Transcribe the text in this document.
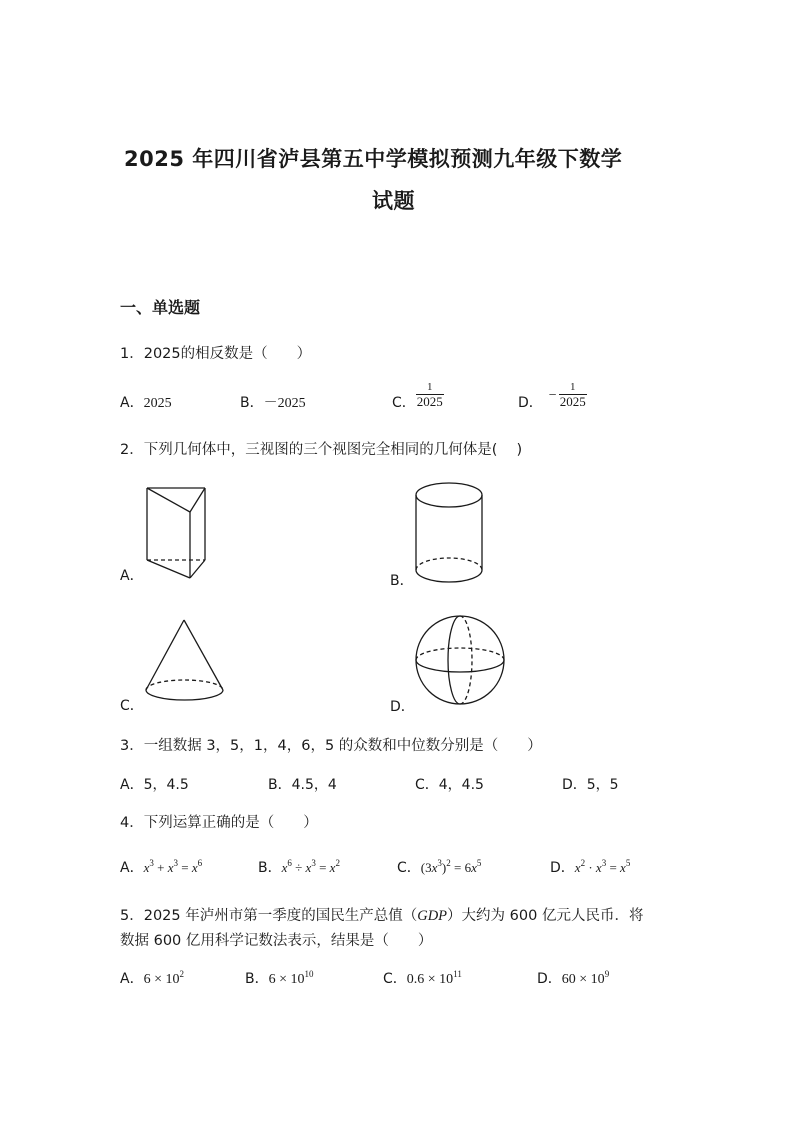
2025 年四川省泸县第五中学模拟预测九年级下数学
试题
一、单选题
1．2025的相反数是（　　）
A．2025	B．－2025	C． $\frac{1}{2025}$	D． − $\frac{1}{2025}$
2．下列几何体中，三视图的三个视图完全相同的几何体是(　 )
A．	B．
C．	D．
3．一组数据 3，5，1，4，6，5 的众数和中位数分别是（　　）
A．5，4.5	B．4.5，4	C．4，4.5	D．5，5
4．下列运算正确的是（　　）
A．$x^3 + x^3 = x^6$	B．$x^6 \div x^3 = x^2$	C．$(3x^3)^2 = 6x^5$	D．$x^2 \cdot x^3 = x^5$
5．2025 年泸州市第一季度的国民生产总值（GDP）大约为 600 亿元人民币．将
数据 600 亿用科学记数法表示，结果是（　　）
A．$6 \times 10^2$	B．$6 \times 10^{10}$	C．$0.6 \times 10^{11}$	D．$60 \times 10^9$
